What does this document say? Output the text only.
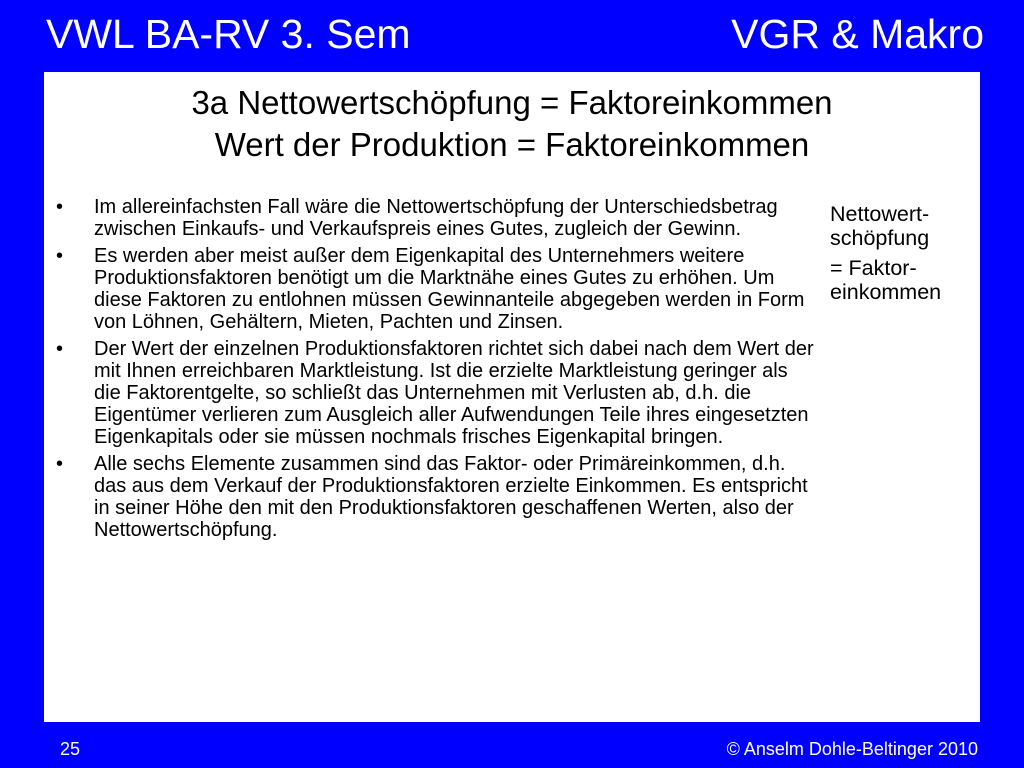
VWL BA-RV 3. Sem	VGR & Makro
3a Nettowertschöpfung = Faktoreinkommen
Wert der Produktion = Faktoreinkommen
• Im allereinfachsten Fall wäre die Nettowertschöpfung der Unterschiedsbetrag zwischen Einkaufs- und Verkaufspreis eines Gutes, zugleich der Gewinn.
• Es werden aber meist außer dem Eigenkapital des Unternehmers weitere Produktionsfaktoren benötigt um die Marktnähe eines Gutes zu erhöhen. Um diese Faktoren zu entlohnen müssen Gewinnanteile abgegeben werden in Form von Löhnen, Gehältern, Mieten, Pachten und Zinsen.
• Der Wert der einzelnen Produktionsfaktoren richtet sich dabei nach dem Wert der mit Ihnen erreichbaren Marktleistung. Ist die erzielte Marktleistung geringer als die Faktorentgelte, so schließt das Unternehmen mit Verlusten ab, d.h. die Eigentümer verlieren zum Ausgleich aller Aufwendungen Teile ihres eingesetzten Eigenkapitals oder sie müssen nochmals frisches Eigenkapital bringen.
• Alle sechs Elemente zusammen sind das Faktor- oder Primäreinkommen, d.h. das aus dem Verkauf der Produktionsfaktoren erzielte Einkommen. Es entspricht in seiner Höhe den mit den Produktionsfaktoren geschaffenen Werten, also der Nettowertschöpfung.

Nettowert-
schöpfung

= Faktor-
einkommen

25	© Anselm Dohle-Beltinger 2010
